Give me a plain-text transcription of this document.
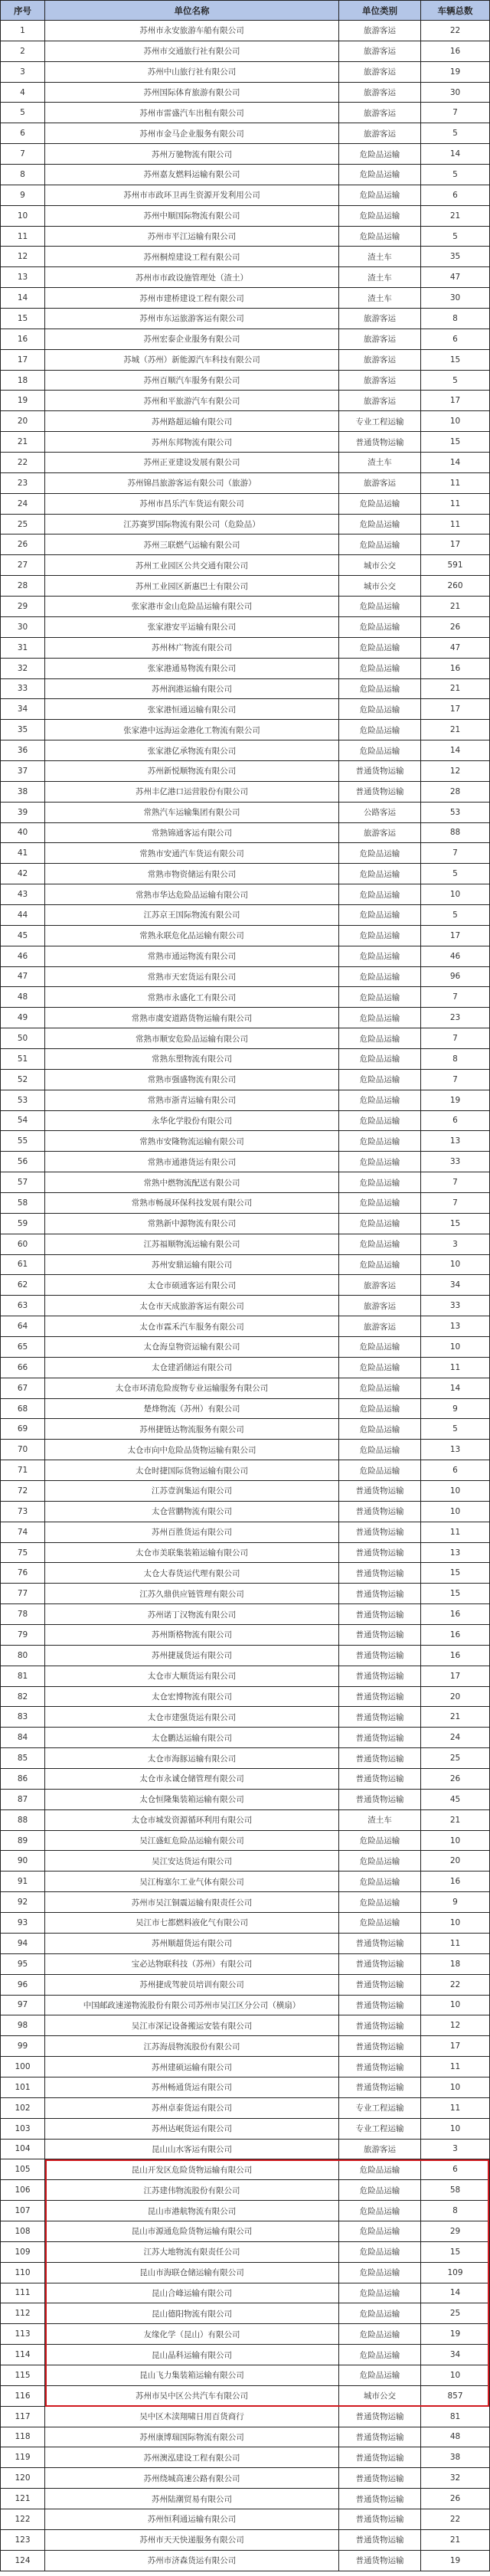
序号	单位名称	单位类别	车辆总数
1	苏州市永安旅游车船有限公司	旅游客运	22
2	苏州市交通旅行社有限公司	旅游客运	16
3	苏州中山旅行社有限公司	旅游客运	19
4	苏州国际体育旅游有限公司	旅游客运	30
5	苏州市雷盛汽车出租有限公司	旅游客运	7
6	苏州市金马企业服务有限公司	旅游客运	5
7	苏州万驰物流有限公司	危险品运输	14
8	苏州嘉友燃料运输有限公司	危险品运输	5
9	苏州市市政环卫再生资源开发利用公司	危险品运输	6
10	苏州中顺国际物流有限公司	危险品运输	21
11	苏州市平江运输有限公司	危险品运输	5
12	苏州桐煌建设工程有限公司	渣土车	35
13	苏州市市政设施管理处（渣土）	渣土车	47
14	苏州市建桥建设工程有限公司	渣土车	30
15	苏州市东运旅游客运有限公司	旅游客运	8
16	苏州宏泰企业服务有限公司	旅游客运	6
17	苏城（苏州）新能源汽车科技有限公司	旅游客运	15
18	苏州百顺汽车服务有限公司	旅游客运	5
19	苏州和平旅游汽车有限公司	旅游客运	17
20	苏州路超运输有限公司	专业工程运输	10
21	苏州东邦物流有限公司	普通货物运输	15
22	苏州正亚建设发展有限公司	渣土车	14
23	苏州锦昌旅游客运有限公司（旅游）	旅游客运	11
24	苏州市昌乐汽车货运有限公司	危险品运输	11
25	江苏赛罗国际物流有限公司（危险品）	危险品运输	11
26	苏州三联燃气运输有限公司	危险品运输	17
27	苏州工业园区公共交通有限公司	城市公交	591
28	苏州工业园区新惠巴士有限公司	城市公交	260
29	张家港市金山危险品运输有限公司	危险品运输	21
30	张家港安平运输有限公司	危险品运输	26
31	苏州林广物流有限公司	危险品运输	47
32	张家港通易物流有限公司	危险品运输	16
33	苏州润港运输有限公司	危险品运输	21
34	张家港恒通运输有限公司	危险品运输	17
35	张家港中远海运金港化工物流有限公司	危险品运输	21
36	张家港亿承物流有限公司	危险品运输	14
37	苏州新悦顺物流有限公司	普通货物运输	12
38	苏州丰亿港口运营股份有限公司	普通货物运输	28
39	常熟汽车运输集团有限公司	公路客运	53
40	常熟锦通客运有限公司	旅游客运	88
41	常熟市安通汽车货运有限公司	危险品运输	7
42	常熟市物资储运有限公司	危险品运输	5
43	常熟市华达危险品运输有限公司	危险品运输	10
44	江苏京王国际物流有限公司	危险品运输	5
45	常熟永联危化品运输有限公司	危险品运输	17
46	常熟市通运物流有限公司	危险品运输	46
47	常熟市天宏货运有限公司	危险品运输	96
48	常熟市永盛化工有限公司	危险品运输	7
49	常熟市虞安道路货物运输有限公司	危险品运输	23
50	常熟市顺安危险品运输有限公司	危险品运输	7
51	常熟东塑物流有限公司	危险品运输	8
52	常熟市强盛物流有限公司	危险品运输	7
53	常熟市浙青运输有限公司	危险品运输	19
54	永华化学股份有限公司	危险品运输	6
55	常熟市安隆物流运输有限公司	危险品运输	13
56	常熟市通港货运有限公司	危险品运输	33
57	常熟中燃物流配送有限公司	危险品运输	7
58	常熟市畅晟环保科技发展有限公司	危险品运输	7
59	常熟新中源物流有限公司	危险品运输	15
60	江苏福顺物流运输有限公司	危险品运输	3
61	苏州安鼎运输有限公司	危险品运输	10
62	太仓市硕通客运有限公司	旅游客运	34
63	太仓市天成旅游客运有限公司	旅游客运	33
64	太仓市霖禾汽车服务有限公司	旅游客运	13
65	太仓海皇物资运输有限公司	危险品运输	10
66	太仓建滔储运有限公司	危险品运输	11
67	太仓市环清危险废物专业运输服务有限公司	危险品运输	14
68	楚烽物流（苏州）有限公司	危险品运输	9
69	苏州捷链达物流服务有限公司	危险品运输	5
70	太仓市向中危险品货物运输有限公司	危险品运输	13
71	太仓时捷国际货物运输有限公司	危险品运输	6
72	江苏壹润集运有限公司	普通货物运输	10
73	太仓营鹏物流有限公司	普通货物运输	10
74	苏州百胜货运有限公司	普通货物运输	11
75	太仓市美联集装箱运输有限公司	普通货物运输	13
76	太仓大春货运代理有限公司	普通货物运输	15
77	江苏久鼎供应链管理有限公司	普通货物运输	15
78	苏州诺丁汉物流有限公司	普通货物运输	16
79	苏州斯格物流有限公司	普通货物运输	16
80	苏州捷晟货运有限公司	普通货物运输	16
81	太仓市大顺货运有限公司	普通货物运输	17
82	太仓宏博物流有限公司	普通货物运输	20
83	太仓市建强货运有限公司	普通货物运输	21
84	太仓鹏达运输有限公司	普通货物运输	24
85	太仓市海豚运输有限公司	普通货物运输	25
86	太仓市永诚仓储管理有限公司	普通货物运输	26
87	太仓恒隆集装箱运输有限公司	普通货物运输	45
88	太仓市城发资源循环利用有限公司	渣土车	21
89	吴江盛虹危险品运输有限公司	危险品运输	10
90	吴江安达货运有限公司	危险品运输	20
91	吴江梅塞尔工业气体有限公司	危险品运输	16
92	苏州市吴江铜震运输有限责任公司	危险品运输	9
93	吴江市七都燃料液化气有限公司	危险品运输	10
94	苏州顺超货运有限公司	普通货物运输	11
95	宝必达物联科技（苏州）有限公司	普通货物运输	18
96	苏州捷成驾驶员培训有限公司	普通货物运输	22
97	中国邮政速递物流股份有限公司苏州市吴江区分公司（横扇）	普通货物运输	10
98	吴江市深记设备搬运安装有限公司	普通货物运输	12
99	江苏海晨物流股份有限公司	普通货物运输	17
100	苏州建硕运输有限公司	普通货物运输	11
101	苏州畅通货运有限公司	普通货物运输	10
102	苏州卓泰货运有限公司	专业工程运输	11
103	苏州达岷货运有限公司	专业工程运输	10
104	昆山山水客运有限公司	旅游客运	3
105	昆山开发区危险货物运输有限公司	危险品运输	6
106	江苏建伟物流股份有限公司	危险品运输	58
107	昆山市港航物流有限公司	危险品运输	8
108	昆山市源通危险货物运输有限公司	危险品运输	29
109	江苏大地物流有限责任公司	危险品运输	15
110	昆山市海联仓储运输有限公司	危险品运输	109
111	昆山合峰运输有限公司	危险品运输	14
112	昆山德阳物流有限公司	危险品运输	25
113	友缘化学（昆山）有限公司	危险品运输	19
114	昆山晶科运输有限公司	危险品运输	34
115	昆山飞力集装箱运输有限公司	危险品运输	10
116	苏州市吴中区公共汽车有限公司	城市公交	857
117	吴中区木渎翔啸日用百货商行	普通货物运输	81
118	苏州康博瑞国际物流有限公司	普通货物运输	48
119	苏州澳泓建设工程有限公司	普通货物运输	38
120	苏州绕城高速公路有限公司	普通货物运输	32
121	苏州陆潮贸易有限公司	普通货物运输	26
122	苏州恒利通运输有限公司	普通货物运输	22
123	苏州市天天快递服务有限公司	普通货物运输	21
124	苏州市济森货运有限公司	普通货物运输	19
